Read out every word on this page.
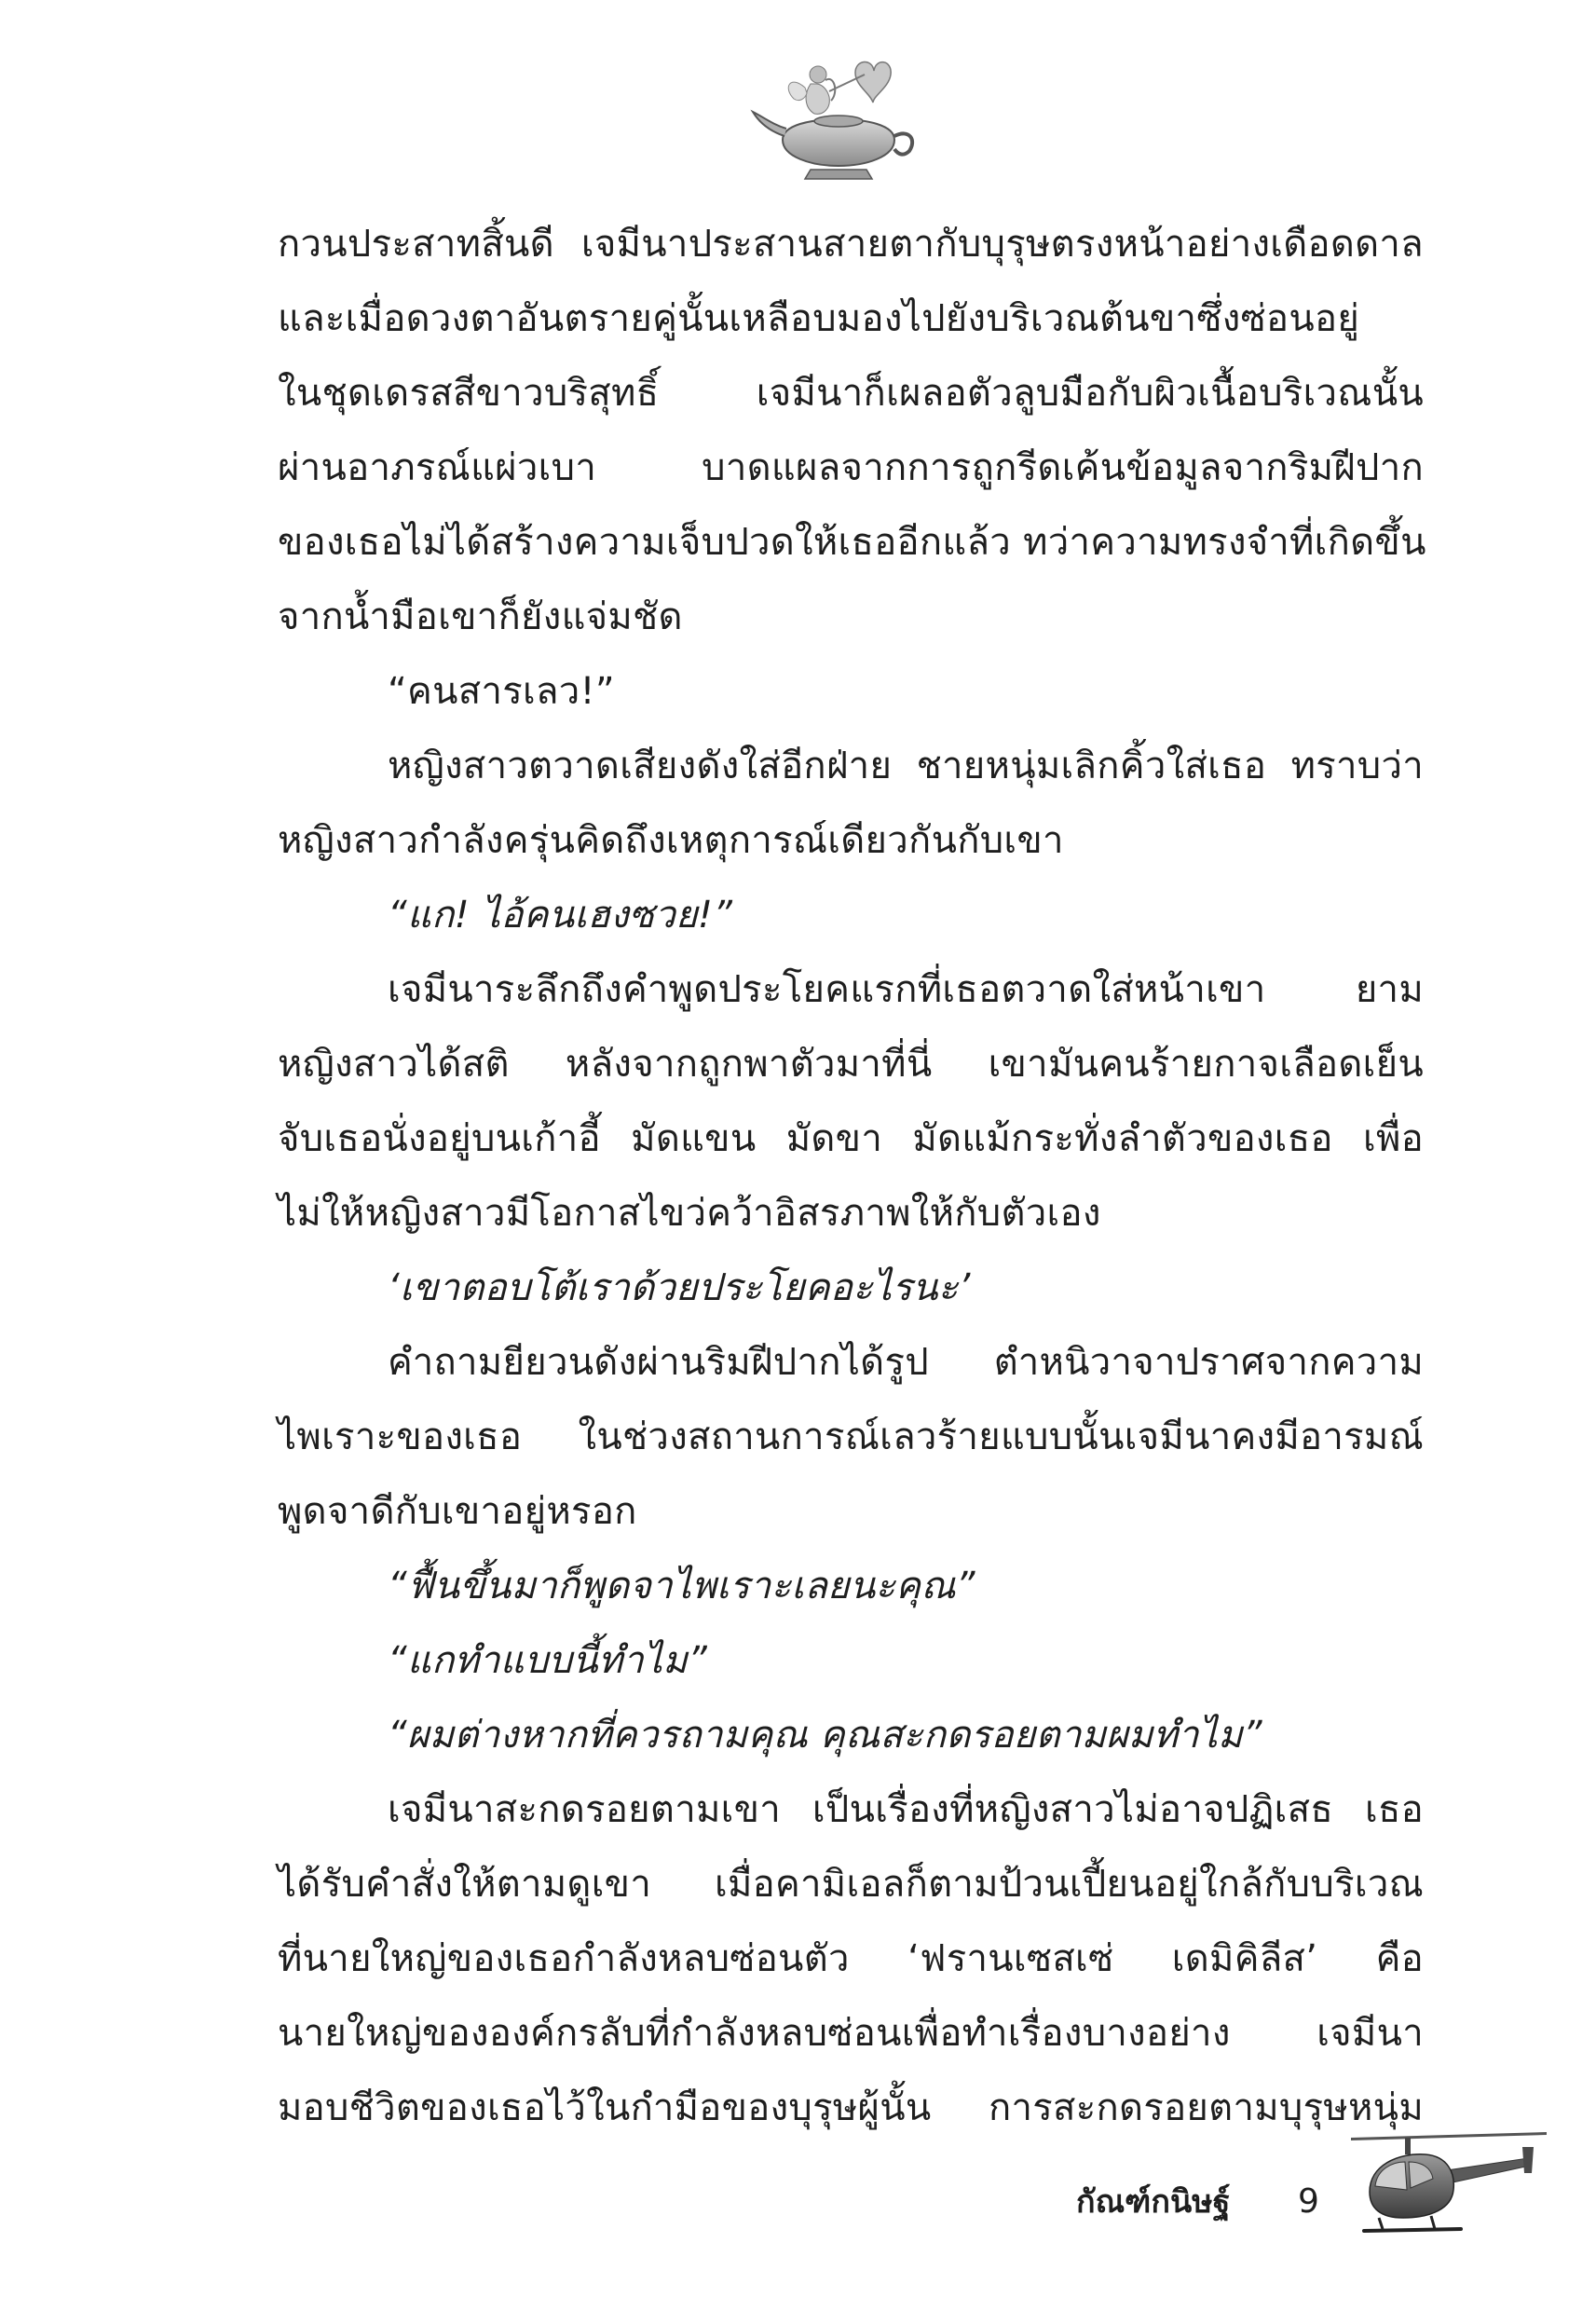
กวนประสาทสิ้นดี เจมีนาประสานสายตากับบุรุษตรงหน้าอย่างเดือดดาล
และเมื่อดวงตาอันตรายคู่นั้นเหลือบมองไปยังบริเวณต้นขาซึ่งซ่อนอยู่
ในชุดเดรสสีขาวบริสุทธิ์ เจมีนาก็เผลอตัวลูบมือกับผิวเนื้อบริเวณนั้น
ผ่านอาภรณ์แผ่วเบา บาดแผลจากการถูกรีดเค้นข้อมูลจากริมฝีปาก
ของเธอไม่ได้สร้างความเจ็บปวดให้เธออีกแล้ว ทว่าความทรงจำที่เกิดขึ้น
จากน้ำมือเขาก็ยังแจ่มชัด
“คนสารเลว!”
หญิงสาวตวาดเสียงดังใส่อีกฝ่าย ชายหนุ่มเลิกคิ้วใส่เธอ ทราบว่า
หญิงสาวกำลังครุ่นคิดถึงเหตุการณ์เดียวกันกับเขา
“แก! ไอ้คนเฮงซวย!”
เจมีนาระลึกถึงคำพูดประโยคแรกที่เธอตวาดใส่หน้าเขา ยาม
หญิงสาวได้สติ หลังจากถูกพาตัวมาที่นี่ เขามันคนร้ายกาจเลือดเย็น
จับเธอนั่งอยู่บนเก้าอี้ มัดแขน มัดขา มัดแม้กระทั่งลำตัวของเธอ เพื่อ
ไม่ให้หญิงสาวมีโอกาสไขว่คว้าอิสรภาพให้กับตัวเอง
‘เขาตอบโต้เราด้วยประโยคอะไรนะ’
คำถามยียวนดังผ่านริมฝีปากได้รูป ตำหนิวาจาปราศจากความ
ไพเราะของเธอ ในช่วงสถานการณ์เลวร้ายแบบนั้นเจมีนาคงมีอารมณ์
พูดจาดีกับเขาอยู่หรอก
“ฟื้นขึ้นมาก็พูดจาไพเราะเลยนะคุณ”
“แกทำแบบนี้ทำไม”
“ผมต่างหากที่ควรถามคุณ คุณสะกดรอยตามผมทำไม”
เจมีนาสะกดรอยตามเขา เป็นเรื่องที่หญิงสาวไม่อาจปฏิเสธ เธอ
ได้รับคำสั่งให้ตามดูเขา เมื่อคามิเอลก็ตามป้วนเปี้ยนอยู่ใกล้กับบริเวณ
ที่นายใหญ่ของเธอกำลังหลบซ่อนตัว ‘ฟรานเซสเซ่ เดมิคิลีส’ คือ
นายใหญ่ขององค์กรลับที่กำลังหลบซ่อนเพื่อทำเรื่องบางอย่าง เจมีนา
มอบชีวิตของเธอไว้ในกำมือของบุรุษผู้นั้น การสะกดรอยตามบุรุษหนุ่ม
กัณฑ์กนิษฐ์ 9
